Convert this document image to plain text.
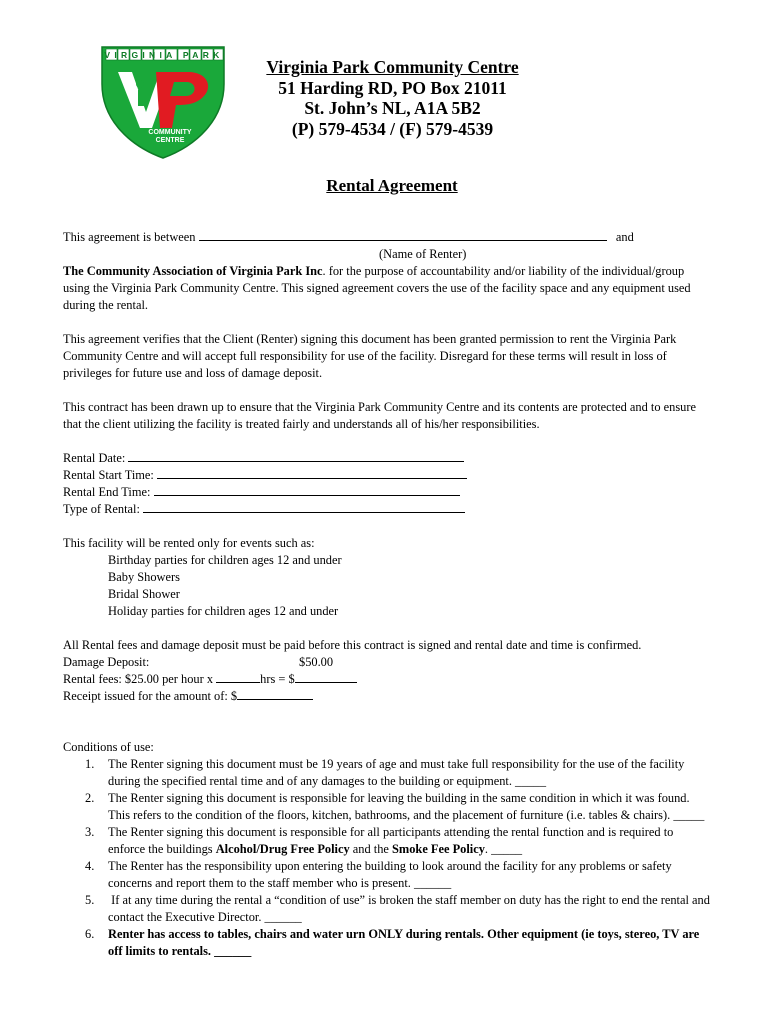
VIRGINIA PARK
COMMUNITY
CENTRE
Virginia Park Community Centre
51 Harding RD, PO Box 21011
St. John’s NL, A1A 5B2
(P) 579-4534 / (F) 579-4539
Rental Agreement
This agreement is between	and
(Name of Renter)
The Community Association of Virginia Park Inc. for the purpose of accountability and/or liability of the individual/group
using the Virginia Park Community Centre. This signed agreement covers the use of the facility space and any equipment used
during the rental.
This agreement verifies that the Client (Renter) signing this document has been granted permission to rent the Virginia Park
Community Centre and will accept full responsibility for use of the facility. Disregard for these terms will result in loss of
privileges for future use and loss of damage deposit.
This contract has been drawn up to ensure that the Virginia Park Community Centre and its contents are protected and to ensure
that the client utilizing the facility is treated fairly and understands all of his/her responsibilities.
Rental Date:
Rental Start Time:
Rental End Time:
Type of Rental:
This facility will be rented only for events such as:
Birthday parties for children ages 12 and under
Baby Showers
Bridal Shower
Holiday parties for children ages 12 and under
All Rental fees and damage deposit must be paid before this contract is signed and rental date and time is confirmed.
Damage Deposit:	$50.00
Rental fees: $25.00 per hour x	hrs = $
Receipt issued for the amount of: $
Conditions of use:
1. The Renter signing this document must be 19 years of age and must take full responsibility for the use of the facility
during the specified rental time and of any damages to the building or equipment. _____
2. The Renter signing this document is responsible for leaving the building in the same condition in which it was found.
This refers to the condition of the floors, kitchen, bathrooms, and the placement of furniture (i.e. tables & chairs). _____
3. The Renter signing this document is responsible for all participants attending the rental function and is required to
enforce the buildings Alcohol/Drug Free Policy and the Smoke Fee Policy. _____
4. The Renter has the responsibility upon entering the building to look around the facility for any problems or safety
concerns and report them to the staff member who is present. ______
5. If at any time during the rental a “condition of use” is broken the staff member on duty has the right to end the rental and
contact the Executive Director. ______
6. Renter has access to tables, chairs and water urn ONLY during rentals. Other equipment (ie toys, stereo, TV are
off limits to rentals. ______
